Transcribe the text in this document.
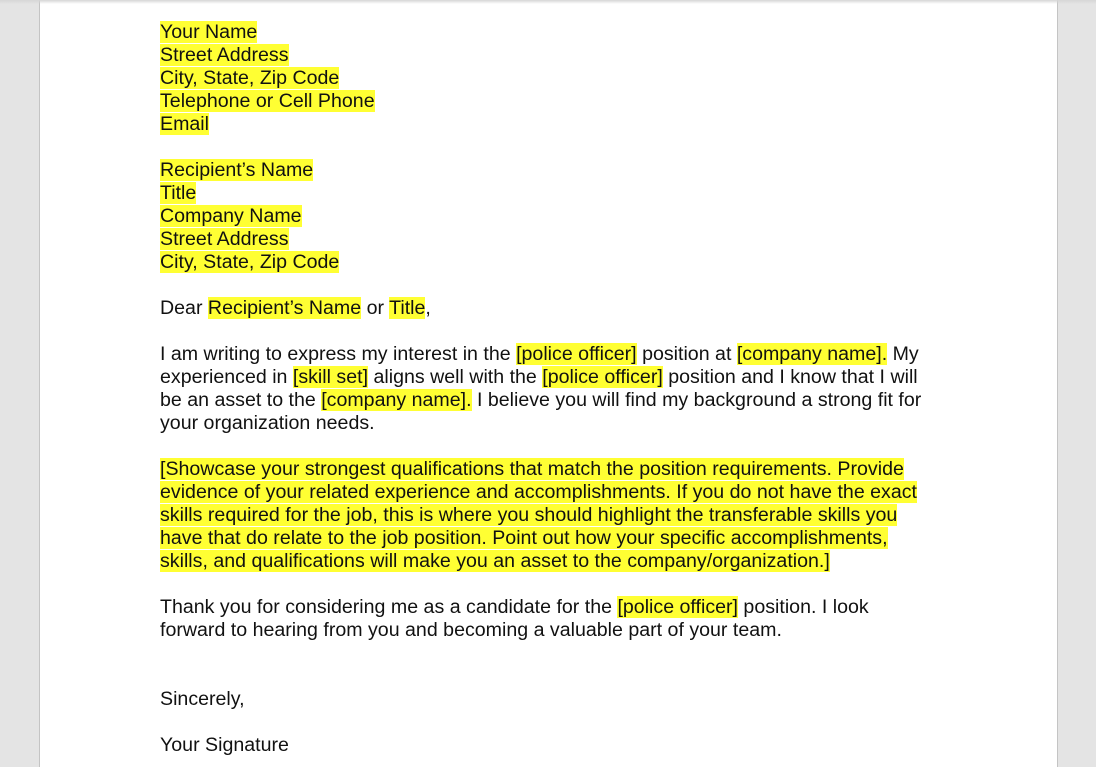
Your Name
Street Address
City, State, Zip Code
Telephone or Cell Phone
Email
Recipient’s Name
Title
Company Name
Street Address
City, State, Zip Code
Dear Recipient’s Name or Title,
I am writing to express my interest in the [police officer] position at [company name]. My
experienced in [skill set] aligns well with the [police officer] position and I know that I will
be an asset to the [company name]. I believe you will find my background a strong fit for
your organization needs.
[Showcase your strongest qualifications that match the position requirements. Provide
evidence of your related experience and accomplishments. If you do not have the exact
skills required for the job, this is where you should highlight the transferable skills you
have that do relate to the job position. Point out how your specific accomplishments,
skills, and qualifications will make you an asset to the company/organization.]
Thank you for considering me as a candidate for the [police officer] position. I look
forward to hearing from you and becoming a valuable part of your team.
Sincerely,
Your Signature
